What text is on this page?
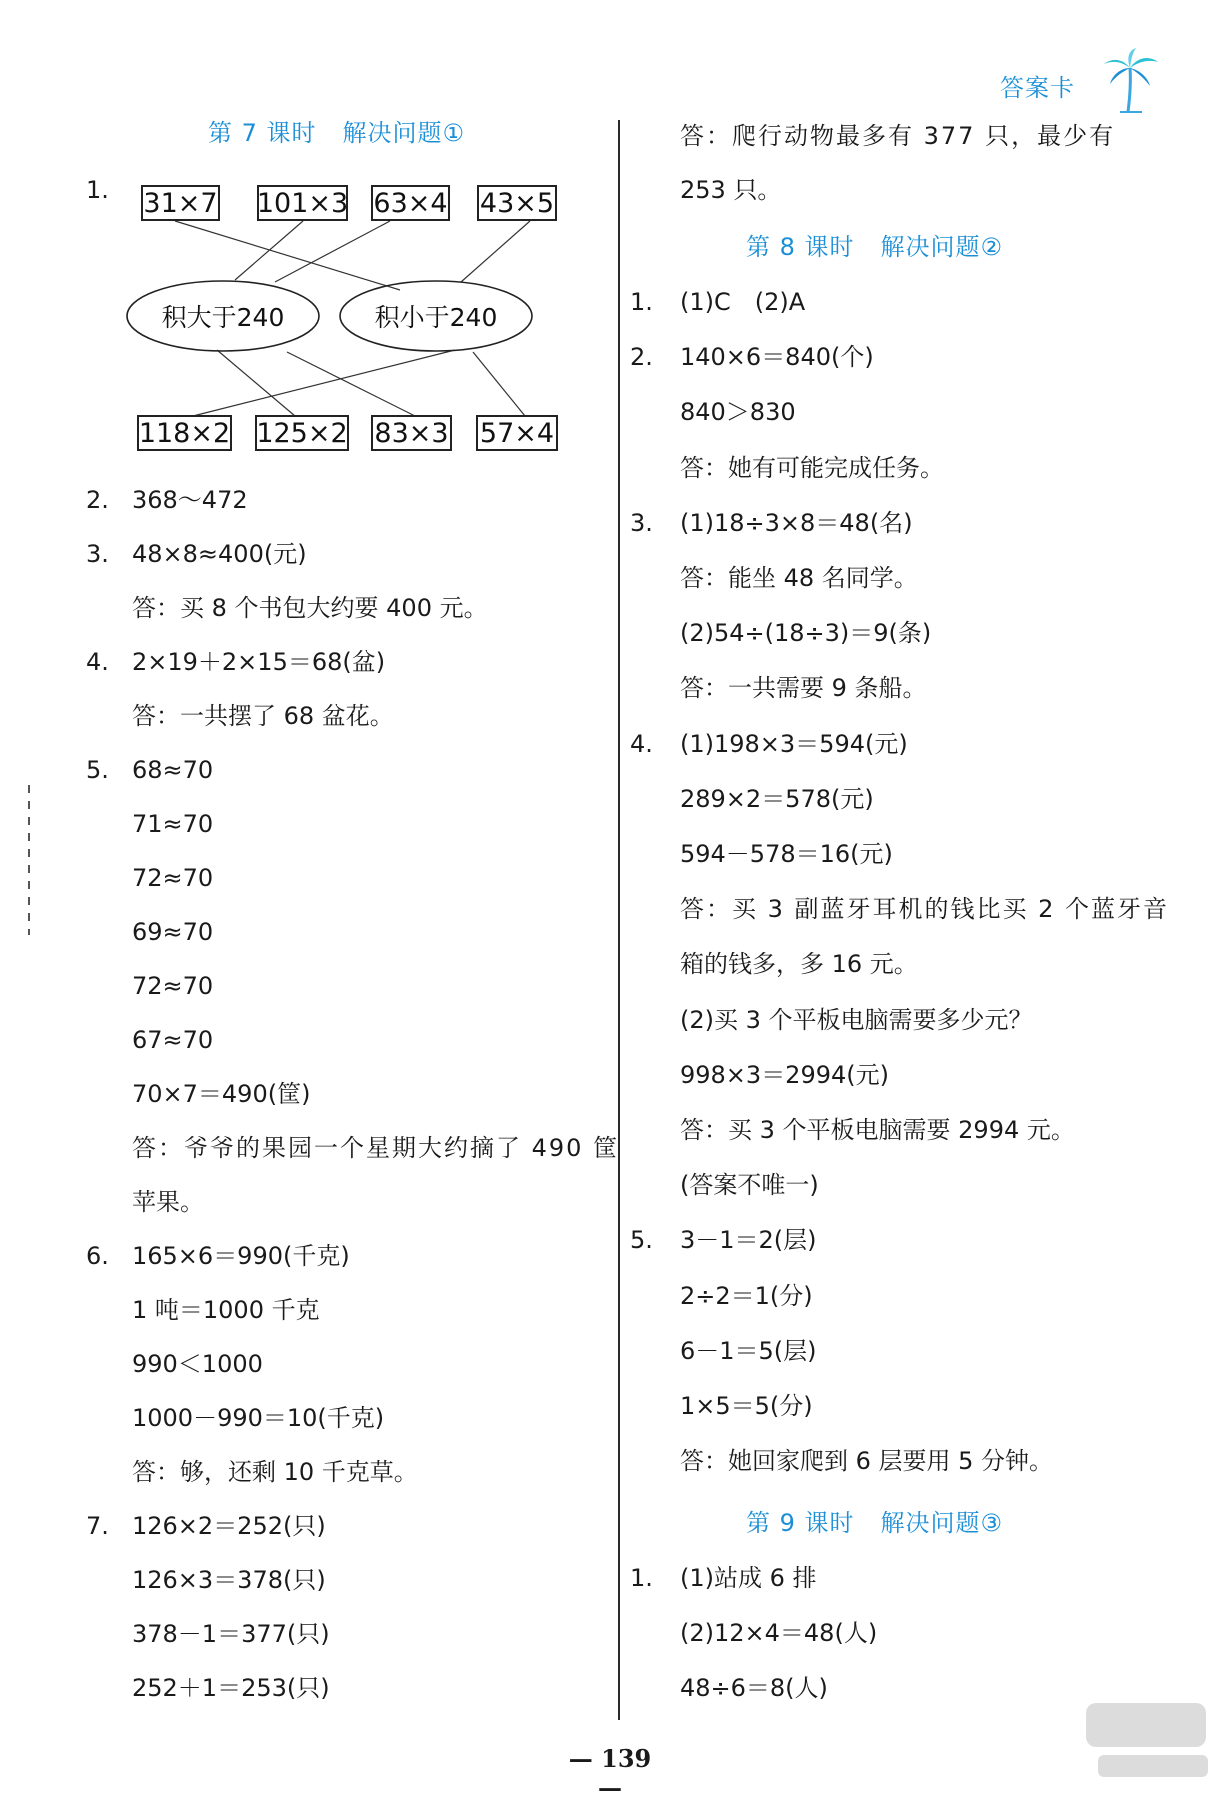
答案卡
第 7 课时 解决问题①
1. 31×7 101×3 63×4 43×5
积大于240	积小于240
118×2 125×2 83×3 57×4
2. 368～472
3. 48×8≈400(元)
答：买 8 个书包大约要 400 元。
4. 2×19＋2×15＝68(盆)
答：一共摆了 68 盆花。
5. 68≈70
71≈70
72≈70
69≈70
72≈70
67≈70
70×7＝490(筐)
答：爷爷的果园一个星期大约摘了 490 筐
苹果。
6. 165×6＝990(千克)
1 吨＝1000 千克
990＜1000
1000－990＝10(千克)
答：够，还剩 10 千克草。
7. 126×2＝252(只)
126×3＝378(只)
378－1＝377(只)
252＋1＝253(只)
答：爬行动物最多有 377 只，最少有
253 只。
第 8 课时 解决问题②
1. (1)C　(2)A
2. 140×6＝840(个)
840＞830
答：她有可能完成任务。
3. (1)18÷3×8＝48(名)
答：能坐 48 名同学。
(2)54÷(18÷3)＝9(条)
答：一共需要 9 条船。
4. (1)198×3＝594(元)
289×2＝578(元)
594－578＝16(元)
答：买 3 副蓝牙耳机的钱比买 2 个蓝牙音
箱的钱多，多 16 元。
(2)买 3 个平板电脑需要多少元？
998×3＝2994(元)
答：买 3 个平板电脑需要 2994 元。
(答案不唯一)
5. 3－1＝2(层)
2÷2＝1(分)
6－1＝5(层)
1×5＝5(分)
答：她回家爬到 6 层要用 5 分钟。
第 9 课时 解决问题③
1. (1)站成 6 排
(2)12×4＝48(人)
48÷6＝8(人)
— 139 —
